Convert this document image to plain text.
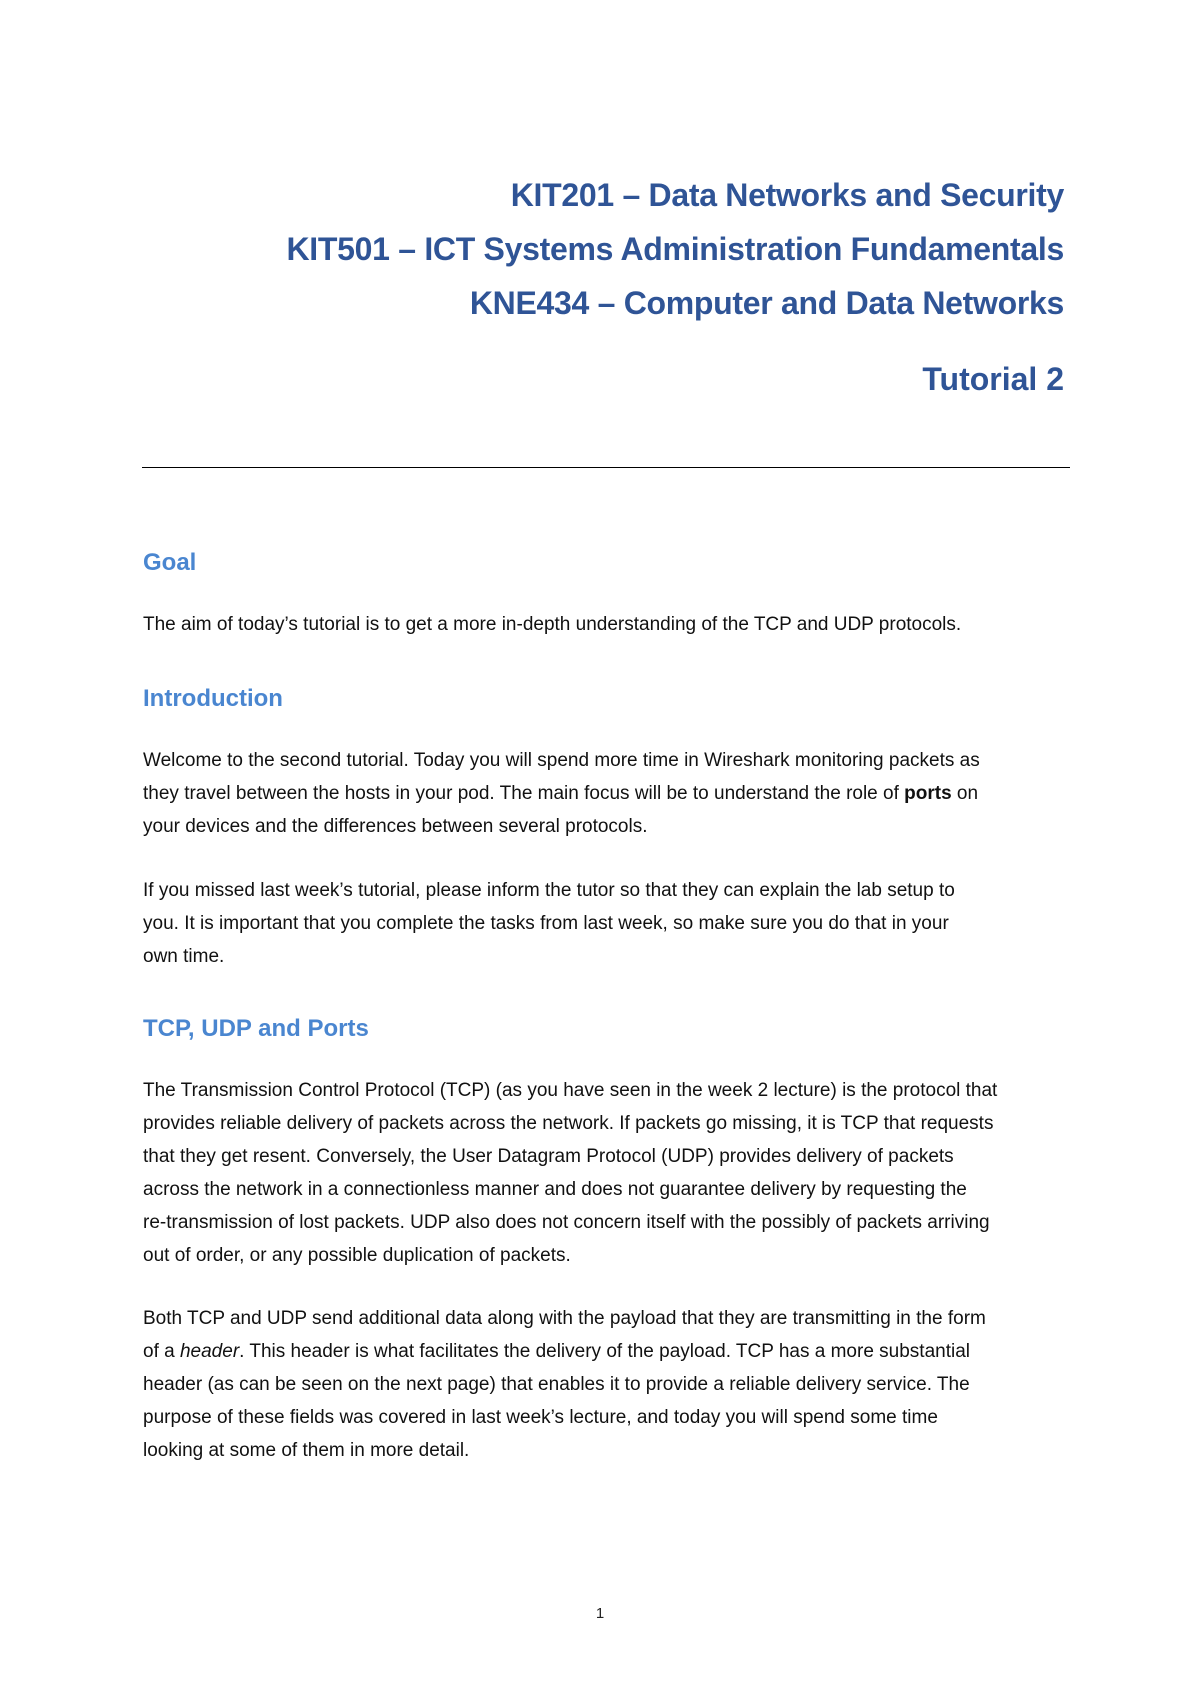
KIT201 – Data Networks and Security
KIT501 – ICT Systems Administration Fundamentals
KNE434 – Computer and Data Networks
Tutorial 2
Goal
The aim of today’s tutorial is to get a more in-depth understanding of the TCP and UDP protocols.
Introduction
Welcome to the second tutorial. Today you will spend more time in Wireshark monitoring packets as
they travel between the hosts in your pod. The main focus will be to understand the role of ports on
your devices and the differences between several protocols.
If you missed last week’s tutorial, please inform the tutor so that they can explain the lab setup to
you. It is important that you complete the tasks from last week, so make sure you do that in your
own time.
TCP, UDP and Ports
The Transmission Control Protocol (TCP) (as you have seen in the week 2 lecture) is the protocol that
provides reliable delivery of packets across the network. If packets go missing, it is TCP that requests
that they get resent. Conversely, the User Datagram Protocol (UDP) provides delivery of packets
across the network in a connectionless manner and does not guarantee delivery by requesting the
re-transmission of lost packets. UDP also does not concern itself with the possibly of packets arriving
out of order, or any possible duplication of packets.
Both TCP and UDP send additional data along with the payload that they are transmitting in the form
of a header. This header is what facilitates the delivery of the payload. TCP has a more substantial
header (as can be seen on the next page) that enables it to provide a reliable delivery service. The
purpose of these fields was covered in last week’s lecture, and today you will spend some time
looking at some of them in more detail.
1
